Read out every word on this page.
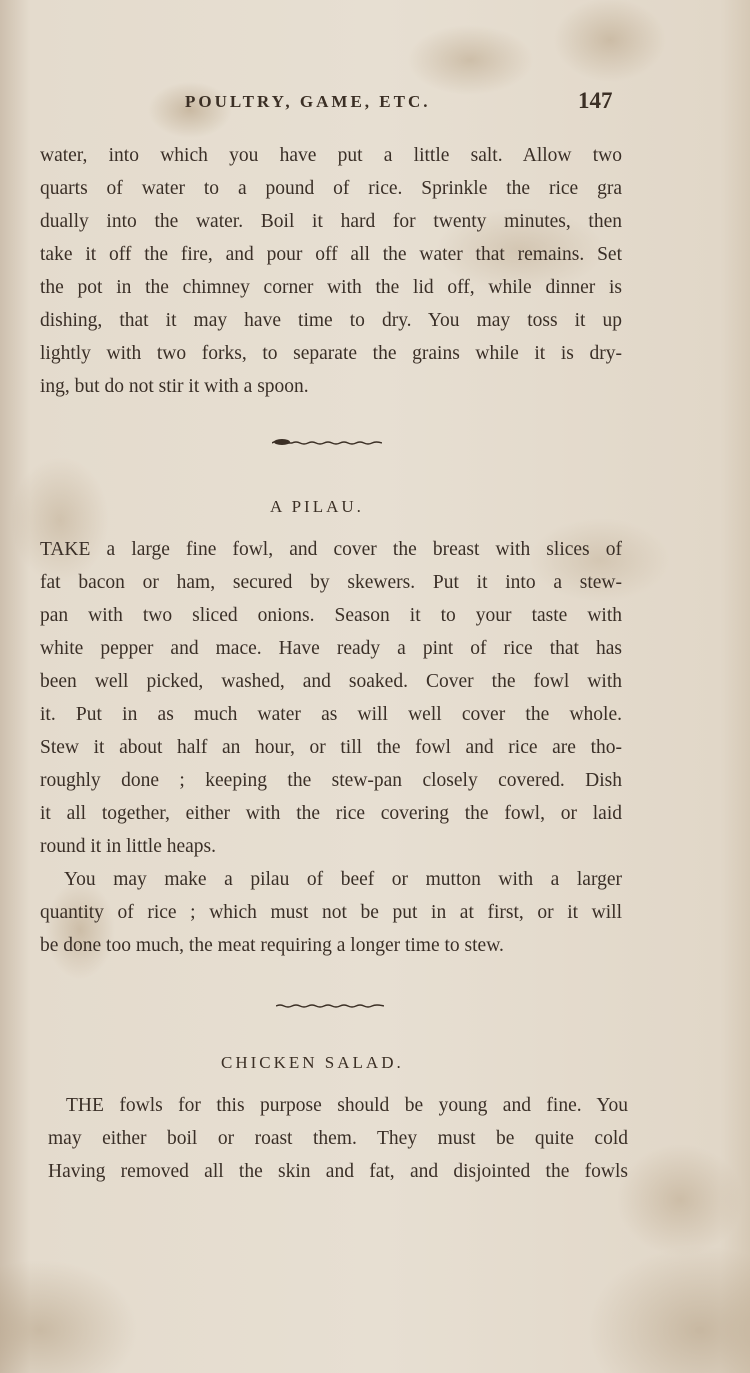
POULTRY, GAME, ETC.	147
water, into which you have put a little salt. Allow two
quarts of water to a pound of rice. Sprinkle the rice gra
dually into the water. Boil it hard for twenty minutes, then
take it off the fire, and pour off all the water that remains. Set
the pot in the chimney corner with the lid off, while dinner is
dishing, that it may have time to dry. You may toss it up
lightly with two forks, to separate the grains while it is dry-
ing, but do not stir it with a spoon.
A PILAU.
TAKE a large fine fowl, and cover the breast with slices of
fat bacon or ham, secured by skewers. Put it into a stew-
pan with two sliced onions. Season it to your taste with
white pepper and mace. Have ready a pint of rice that has
been well picked, washed, and soaked. Cover the fowl with
it. Put in as much water as will well cover the whole.
Stew it about half an hour, or till the fowl and rice are tho-
roughly done ; keeping the stew-pan closely covered. Dish
it all together, either with the rice covering the fowl, or laid
round it in little heaps.
You may make a pilau of beef or mutton with a larger
quantity of rice ; which must not be put in at first, or it will
be done too much, the meat requiring a longer time to stew.
CHICKEN SALAD.
THE fowls for this purpose should be young and fine. You
may either boil or roast them. They must be quite cold
Having removed all the skin and fat, and disjointed the fowls
